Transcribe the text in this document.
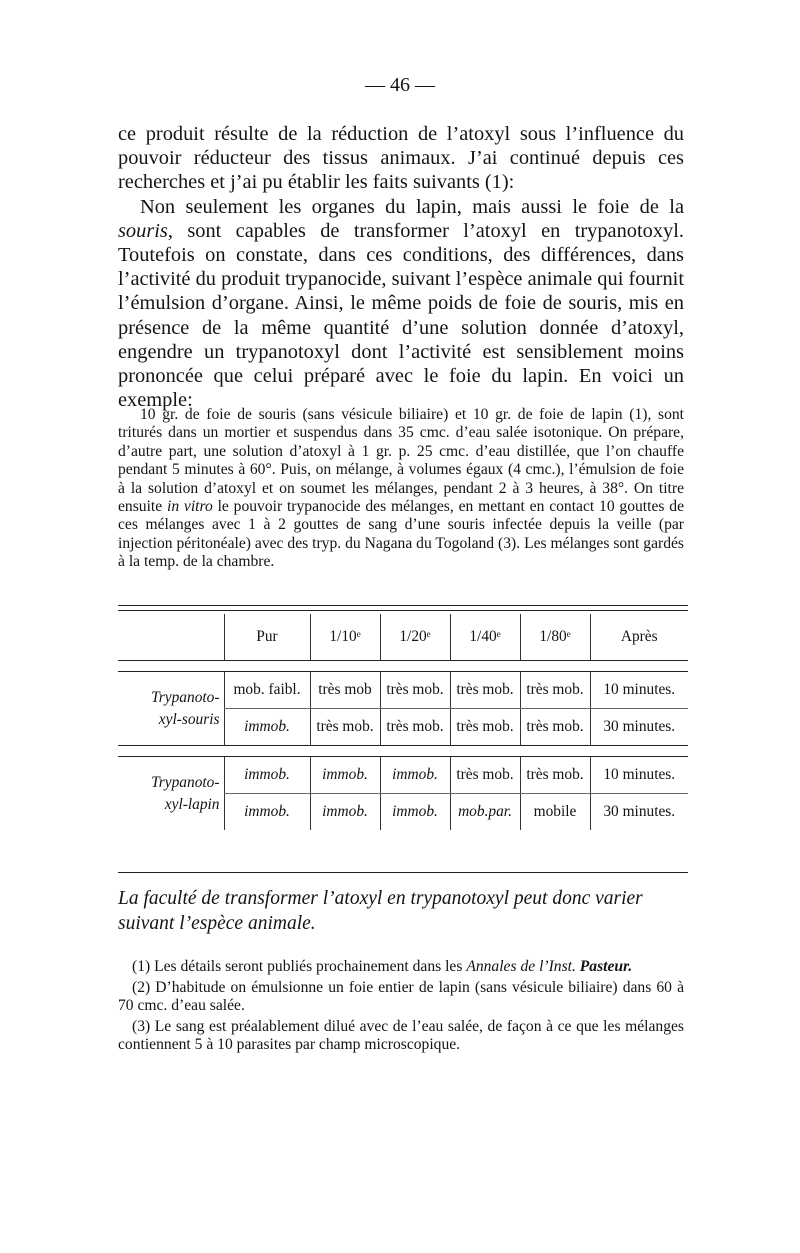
— 46 —

ce produit résulte de la réduction de l’atoxyl sous l’influence du pouvoir réducteur des tissus animaux. J’ai continué depuis ces recherches et j’ai pu établir les faits suivants (1):

Non seulement les organes du lapin, mais aussi le foie de la souris, sont capables de transformer l’atoxyl en trypanotoxyl. Toutefois on constate, dans ces conditions, des différences, dans l’activité du produit trypanocide, suivant l’espèce animale qui fournit l’émulsion d’organe. Ainsi, le même poids de foie de souris, mis en présence de la même quantité d’une solution donnée d’atoxyl, engendre un trypanotoxyl dont l’activité est sensiblement moins prononcée que celui préparé avec le foie du lapin. En voici un exemple:

10 gr. de foie de souris (sans vésicule biliaire) et 10 gr. de foie de lapin (1), sont triturés dans un mortier et suspendus dans 35 cmc. d’eau salée isotonique. On prépare, d’autre part, une solution d’atoxyl à 1 gr. p. 25 cmc. d’eau distillée, que l’on chauffe pendant 5 minutes à 60°. Puis, on mélange, à volumes égaux (4 cmc.), l’émulsion de foie à la solution d’atoxyl et on soumet les mélanges, pendant 2 à 3 heures, à 38°. On titre ensuite in vitro le pouvoir trypanocide des mélanges, en mettant en contact 10 gouttes de ces mélanges avec 1 à 2 gouttes de sang d’une souris infectée depuis la veille (par injection péritonéale) avec des tryp. du Nagana du Togoland (3). Les mélanges sont gardés à la temp. de la chambre.

	Pur	1/10ᵉ	1/20ᵉ	1/40ᵉ	1/80ᵉ	Après

Trypanoto-
xyl-souris	mob. faibl.	très mob	très mob.	très mob.	très mob.	10 minutes.
	immob.	très mob.	très mob.	très mob.	très mob.	30 minutes.

Trypanoto-
xyl-lapin	immob.	immob.	immob.	très mob.	très mob.	10 minutes.
	immob.	immob.	immob.	mob.par.	mobile	30 minutes.

La faculté de transformer l’atoxyl en trypanotoxyl peut donc varier suivant l’espèce animale.

(1) Les détails seront publiés prochainement dans les Annales de l’Inst. Pasteur.

(2) D’habitude on émulsionne un foie entier de lapin (sans vésicule biliaire) dans 60 à 70 cmc. d’eau salée.

(3) Le sang est préalablement dilué avec de l’eau salée, de façon à ce que les mélanges contiennent 5 à 10 parasites par champ microscopique.
